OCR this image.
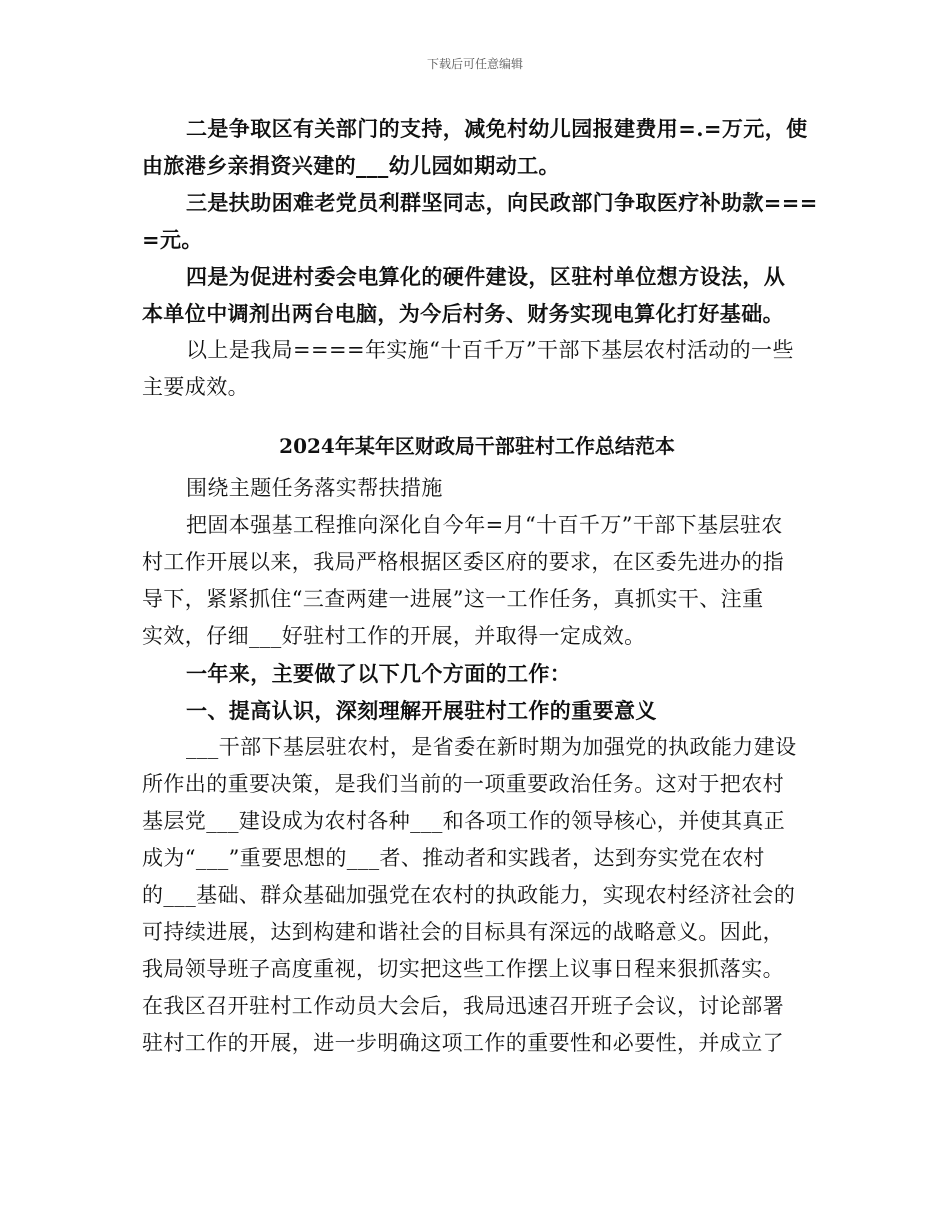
下载后可任意编辑
二是争取区有关部门的支持，减免村幼儿园报建费用=.=万元，使
由旅港乡亲捐资兴建的___幼儿园如期动工。
三是扶助困难老党员利群坚同志，向民政部门争取医疗补助款===
=元。
四是为促进村委会电算化的硬件建设，区驻村单位想方设法，从
本单位中调剂出两台电脑，为今后村务、财务实现电算化打好基础。
以上是我局====年实施“十百千万”干部下基层农村活动的一些
主要成效。
2024年某年区财政局干部驻村工作总结范本
围绕主题任务落实帮扶措施
把固本强基工程推向深化自今年=月“十百千万”干部下基层驻农
村工作开展以来，我局严格根据区委区府的要求，在区委先进办的指
导下，紧紧抓住“三查两建一进展”这一工作任务，真抓实干、注重
实效，仔细___好驻村工作的开展，并取得一定成效。
一年来，主要做了以下几个方面的工作：
一、提高认识，深刻理解开展驻村工作的重要意义
___干部下基层驻农村，是省委在新时期为加强党的执政能力建设
所作出的重要决策，是我们当前的一项重要政治任务。这对于把农村
基层党___建设成为农村各种___和各项工作的领导核心，并使其真正
成为“___”重要思想的___者、推动者和实践者，达到夯实党在农村
的___基础、群众基础加强党在农村的执政能力，实现农村经济社会的
可持续进展，达到构建和谐社会的目标具有深远的战略意义。因此，
我局领导班子高度重视，切实把这些工作摆上议事日程来狠抓落实。
在我区召开驻村工作动员大会后，我局迅速召开班子会议，讨论部署
驻村工作的开展，进一步明确这项工作的重要性和必要性，并成立了
